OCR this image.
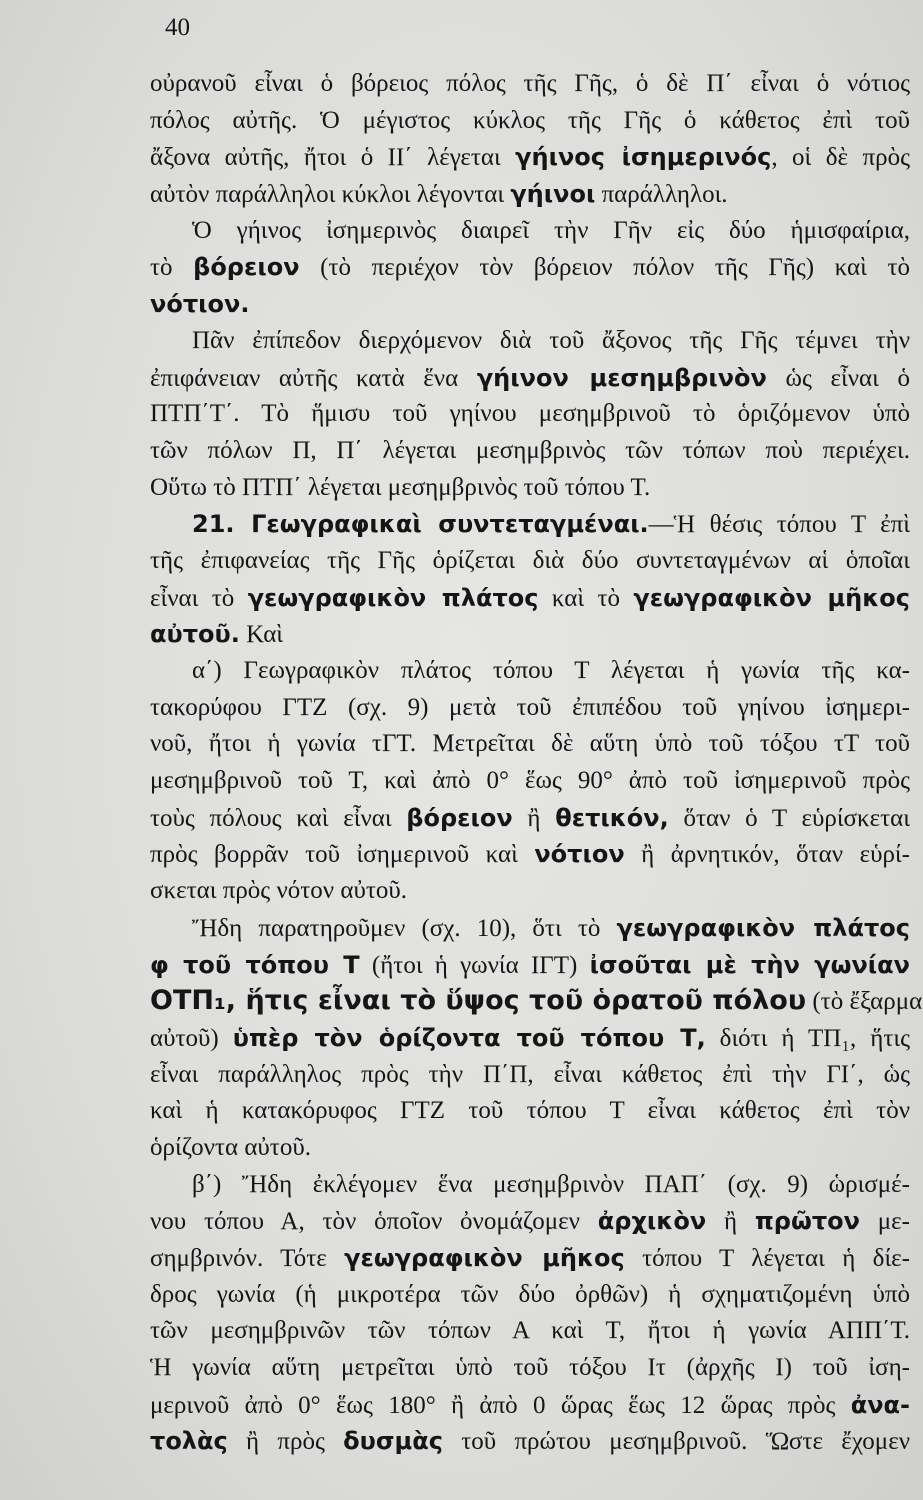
40
οὐρανοῦ εἶναι ὁ βόρειος πόλος τῆς Γῆς, ὁ δὲ Π΄ εἶναι ὁ νότιος
πόλος αὐτῆς. Ὁ μέγιστος κύκλος τῆς Γῆς ὁ κάθετος ἐπὶ τοῦ
ἄξονα αὐτῆς, ἤτοι ὁ ΙΙ΄ λέγεται γήινος ἰσημερινός, οἱ δὲ πρὸς
αὐτὸν παράλληλοι κύκλοι λέγονται γήινοι παράλληλοι.
Ὁ γήινος ἰσημερινὸς διαιρεῖ τὴν Γῆν εἰς δύο ἡμισφαίρια,
τὸ βόρειον (τὸ περιέχον τὸν βόρειον πόλον τῆς Γῆς) καὶ τὸ
νότιον.
Πᾶν ἐπίπεδον διερχόμενον διὰ τοῦ ἄξονος τῆς Γῆς τέμνει τὴν
ἐπιφάνειαν αὐτῆς κατὰ ἕνα γήινον μεσημβρινὸν ὡς εἶναι ὁ
ΠΤΠ΄Τ΄. Τὸ ἥμισυ τοῦ γηίνου μεσημβρινοῦ τὸ ὁριζόμενον ὑπὸ
τῶν πόλων Π, Π΄ λέγεται μεσημβρινὸς τῶν τόπων ποὺ περιέχει.
Οὕτω τὸ ΠΤΠ΄ λέγεται μεσημβρινὸς τοῦ τόπου Τ.
21. Γεωγραφικαὶ συντεταγμέναι.—Ἡ θέσις τόπου Τ ἐπὶ
τῆς ἐπιφανείας τῆς Γῆς ὁρίζεται διὰ δύο συντεταγμένων αἱ ὁποῖαι
εἶναι τὸ γεωγραφικὸν πλάτος καὶ τὸ γεωγραφικὸν μῆκος
αὐτοῦ. Καὶ
α΄) Γεωγραφικὸν πλάτος τόπου Τ λέγεται ἡ γωνία τῆς κα-
τακορύφου ΓΤΖ (σχ. 9) μετὰ τοῦ ἐπιπέδου τοῦ γηίνου ἰσημερι-
νοῦ, ἤτοι ἡ γωνία τΓΤ. Μετρεῖται δὲ αὕτη ὑπὸ τοῦ τόξου τΤ τοῦ
μεσημβρινοῦ τοῦ Τ, καὶ ἀπὸ 0° ἕως 90° ἀπὸ τοῦ ἰσημερινοῦ πρὸς
τοὺς πόλους καὶ εἶναι βόρειον ἢ θετικόν, ὅταν ὁ Τ εὑρίσκεται
πρὸς βορρᾶν τοῦ ἰσημερινοῦ καὶ νότιον ἢ ἀρνητικόν, ὅταν εὑρί-
σκεται πρὸς νότον αὐτοῦ.
Ἤδη παρατηροῦμεν (σχ. 10), ὅτι τὸ γεωγραφικὸν πλάτος
φ τοῦ τόπου Τ (ἤτοι ἡ γωνία ΙΓΤ) ἰσοῦται μὲ τὴν γωνίαν
ΟΤΠ₁, ἥτις εἶναι τὸ ὕψος τοῦ ὁρατοῦ πόλου (τὸ ἔξαρμα
αὐτοῦ) ὑπὲρ τὸν ὁρίζοντα τοῦ τόπου Τ, διότι ἡ ΤΠ₁, ἥτις
εἶναι παράλληλος πρὸς τὴν Π΄Π, εἶναι κάθετος ἐπὶ τὴν ΓΙ΄, ὡς
καὶ ἡ κατακόρυφος ΓΤΖ τοῦ τόπου Τ εἶναι κάθετος ἐπὶ τὸν
ὁρίζοντα αὐτοῦ.
β΄) Ἤδη ἐκλέγομεν ἕνα μεσημβρινὸν ΠΑΠ΄ (σχ. 9) ὡρισμέ-
νου τόπου Α, τὸν ὁποῖον ὀνομάζομεν ἀρχικὸν ἢ πρῶτον με-
σημβρινόν. Τότε γεωγραφικὸν μῆκος τόπου Τ λέγεται ἡ δίε-
δρος γωνία (ἡ μικροτέρα τῶν δύο ὀρθῶν) ἡ σχηματιζομένη ὑπὸ
τῶν μεσημβρινῶν τῶν τόπων Α καὶ Τ, ἤτοι ἡ γωνία ΑΠΠ΄Τ.
Ἡ γωνία αὕτη μετρεῖται ὑπὸ τοῦ τόξου Ιτ (ἀρχῆς Ι) τοῦ ἰση-
μερινοῦ ἀπὸ 0° ἕως 180° ἢ ἀπὸ 0 ὥρας ἕως 12 ὥρας πρὸς ἀνα-
τολὰς ἢ πρὸς δυσμὰς τοῦ πρώτου μεσημβρινοῦ. Ὥστε ἔχομεν
